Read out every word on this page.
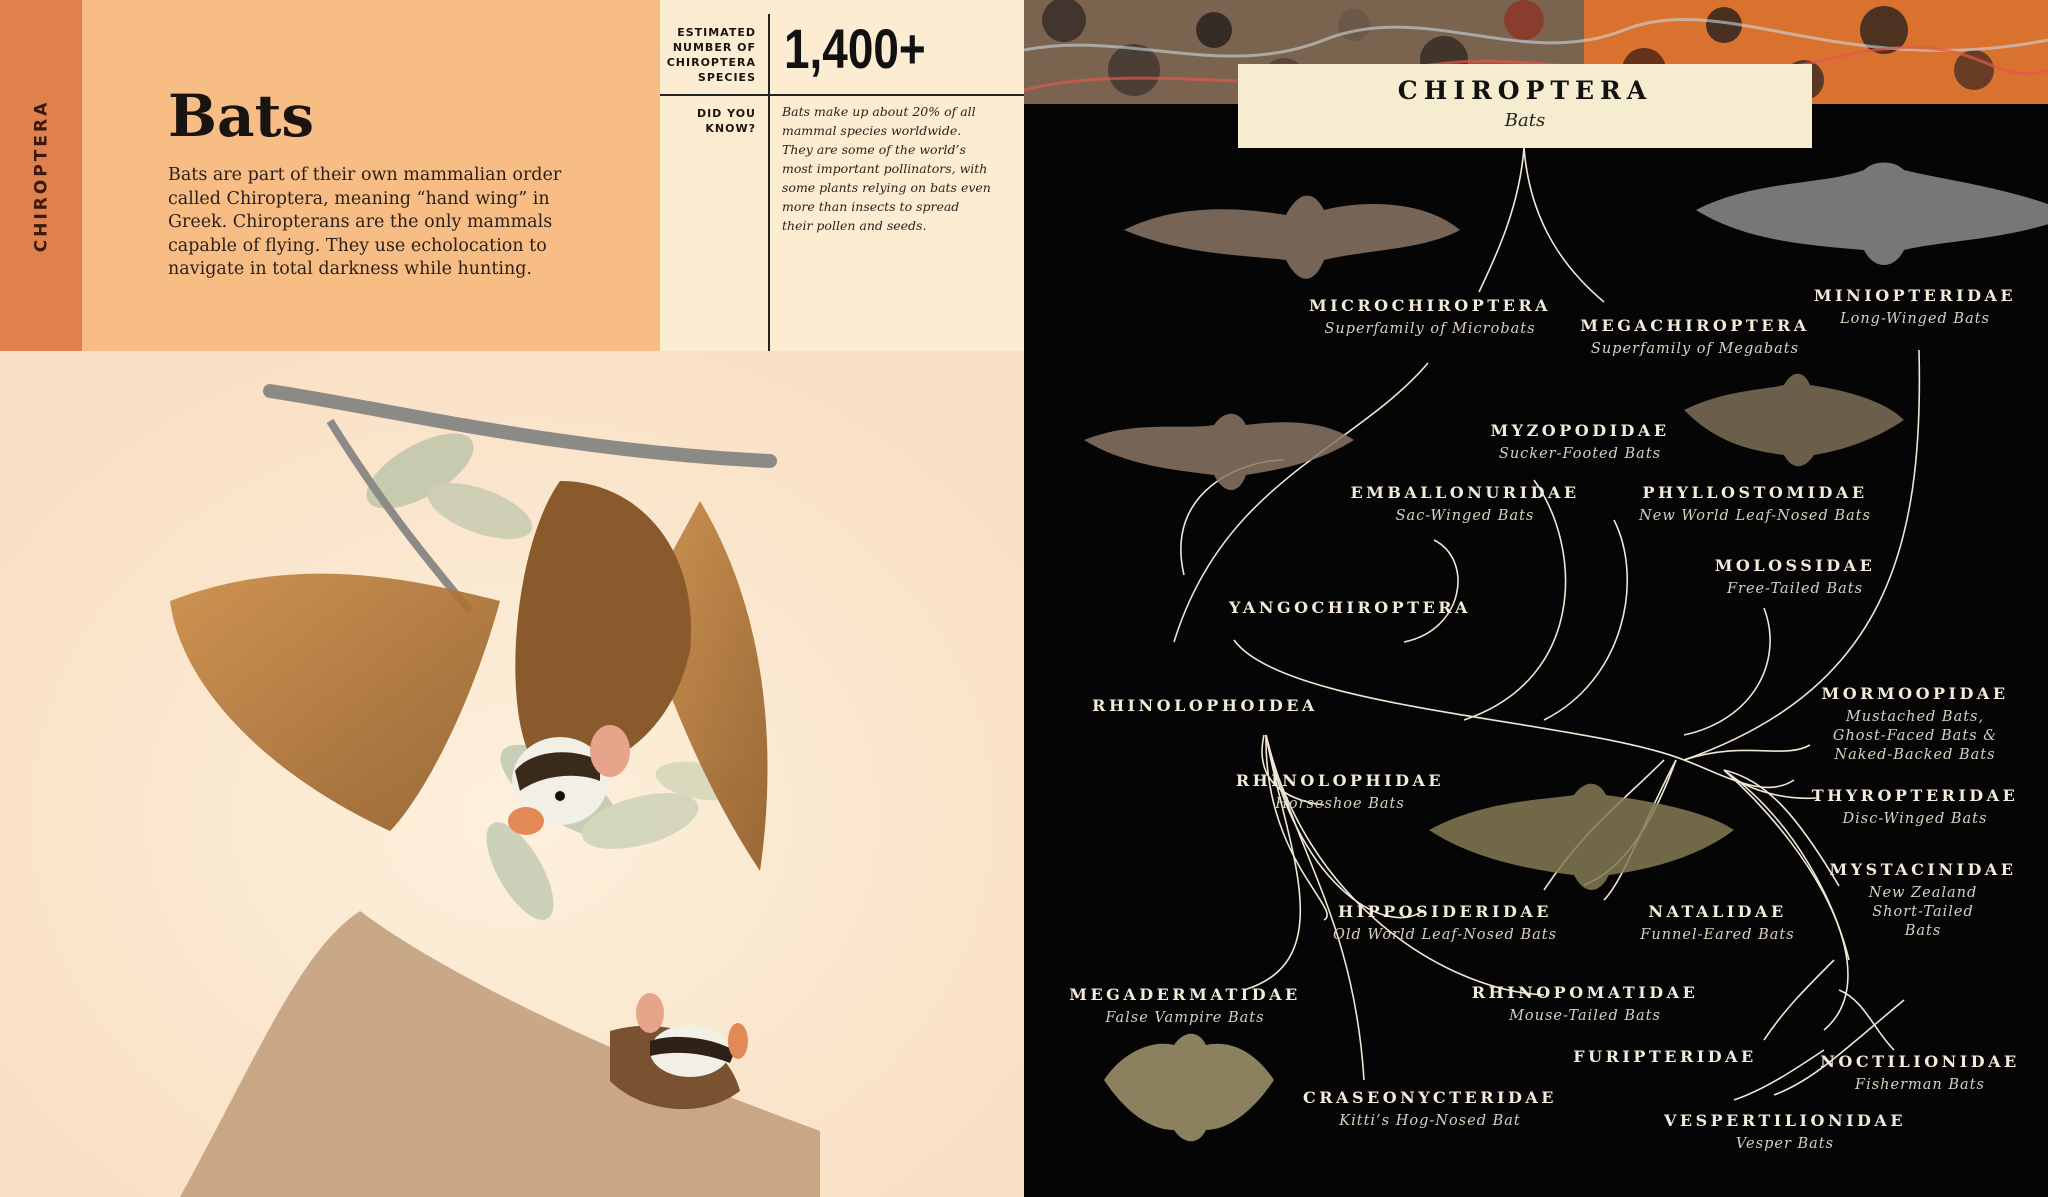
CHIROPTERA Bats
Bats are part of their own mammalian order called Chiroptera, meaning “hand wing” in Greek. Chiropterans are the only mammals capable of flying. They use echolocation to navigate in total darkness while hunting.
ESTIMATED
NUMBER OF
CHIROPTERA
SPECIES 1,400+
DID YOU
KNOW?
Bats make up about 20% of all mammal species worldwide. They are some of the world’s most important pollinators, with some plants relying on bats even more than insects to spread their pollen and seeds.
CHIROPTERA
Bats
MICROCHIROPTERA
Superfamily of Microbats	MEGACHIROPTERA
Superfamily of Megabats
MINIOPTERIDAE
Long-Winged Bats
MYZOPODIDAE
Sucker-Footed Bats
EMBALLONURIDAE
Sac-Winged Bats
PHYLLOSTOMIDAE
New World Leaf-Nosed Bats
MOLOSSIDAE
Free-Tailed Bats
YANGOCHIROPTERA
RHINOLOPHOIDEA
MORMOOPIDAE
Mustached Bats,
Ghost-Faced Bats &
Naked-Backed Bats
RHINOLOPHIDAE
Horseshoe Bats	THYROPTERIDAE
Disc-Winged Bats
MYSTACINIDAE
New Zealand
Short-Tailed
Bats
HIPPOSIDERIDAE
Old World Leaf-Nosed Bats
NATALIDAE
Funnel-Eared Bats
MEGADERMATIDAE
False Vampire Bats
RHINOPOMATIDAE
Mouse-Tailed Bats
FURIPTERIDAE	NOCTILIONIDAE
Fisherman Bats
CRASEONYCTERIDAE
Kitti’s Hog-Nosed Bat	VESPERTILIONIDAE
Vesper Bats
